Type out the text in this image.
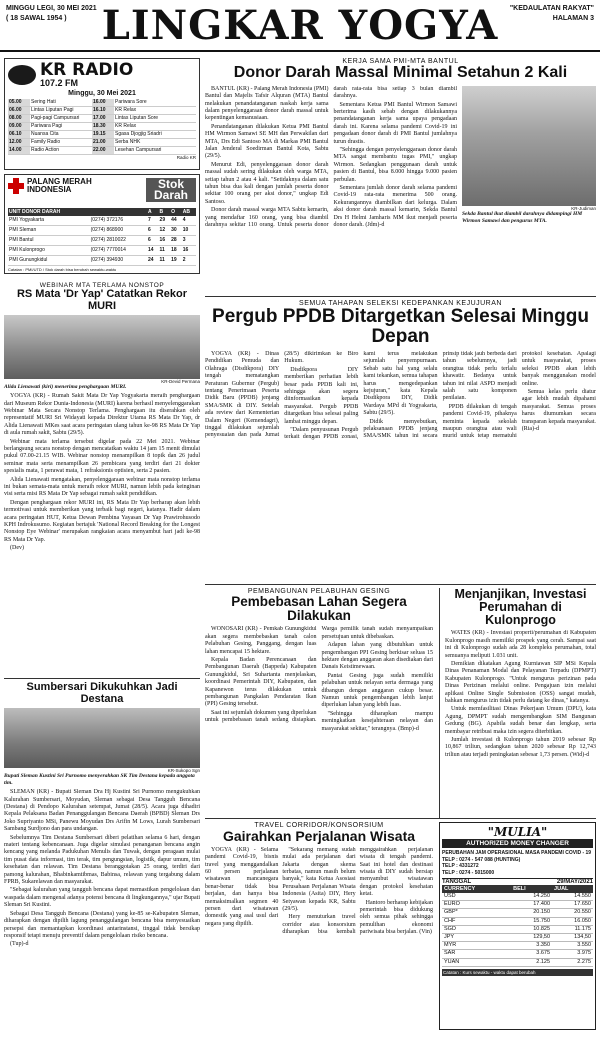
MINGGU LEGI, 30 MEI 2021
( 18 SAWAL 1954 ) LINGKAR YOGYA	"KEDAULATAN RAKYAT"
HALAMAN 3
KR RADIO
107.2 FM
Minggu, 30 Mei 2021
05.00	Sering Hati	16.00	Pariwara Sore
06.00	Lintas Liputan Pagi	16.10	KR Relax
08.00	Pagi-pagi Campursari	17.00	Lintas Liputan Sore
09.00	Pariwara Pagi	18.30	KR Relax
06.10	Nuansa Cita	19.15	Sgasa Djogjig Sriadri
12.00	Family Radio	21.00	Serba NHK
14.00	Radio Action	22.00	Lesehan Campursari
Radio KR
PALANG MERAH INDONESIA	Stok Darah
UNIT DONOR DARAH		A	B	O	AB
PMI Yogyakarta	(0274) 372176	7	29	44	4
PMI Sleman	(0274) 868900	6	12	30	10
PMI Bantul	(0274) 2810022	6	16	28	3
PMI Kulonprogo	(0274) 7770014	14	11	18	16
PMI Gunungkidul	(0274) 394930	24	11	19	2
Catatan : PMI/UTD / Stok darah bisa berubah sewaktu-waktu
WEBINAR MTA TERLAMA NONSTOP
RS Mata 'Dr Yap' Catatkan Rekor MURI
KR-Devid Permana
Alida Lienawati (kiri) menerima penghargaan MURI.

YOGYA (KR) - Rumah Sakit Mata Dr Yap Yogyakarta meraih penghargaan dari Museum Rekor Dunia-Indonesia (MURI) karena berhasil menyelenggarakan Webinar Mata Secara Nonstop Terlama. Penghargaan itu diserahkan oleh representatif MURI Sri Widayati kepada Direktur Utama RS Mata Dr Yap, dr Alida Lienawati MKes saat acara peringatan ulang tahun ke-98 RS Mata Dr Yap di aula rumah sakit, Sabtu (29/5).

Webinar mata terlama tersebut digelar pada 22 Mei 2021. Webinar berlangsung secara nonstop dengan mencatatkan waktu 14 jam 15 menit dimulai pukul 07.00-21.15 WIB. Webinar nonstop menampilkan 8 topik dan 26 judul seminar mata serta menampilkan 26 pembicara yang terdiri dari 21 dokter spesialis mata, 1 perawat mata, 1 refraksionis optisien, serta 2 pasien.

Alida Lienawati mengatakan, penyelenggaraan webinar mata nonstop terlama ini bukan semata-mata untuk meraih rekor MURI, namun lebih pada keinginan visi serta misi RS Mata Dr Yap sebagai rumah sakit pendidikan.

Dengan penghargaan rekor MURI ini, RS Mata Dr Yap berharap akan lebih termotivasi untuk memberikan yang terbaik bagi negeri, katanya. Hadir dalam acara peringatan HUT, Ketua Dewan Pembina Yayasan Dr Yap Prawirohusodo KPH Indrokusumo. Kegiatan bertajuk 'National Record Breaking for the Longest Nonstop Eye Webinar' merupakan rangkaian acara menyambut hari jadi ke-98 RS Mata Dr Yap.

(Dev)

Sumbersari Dikukuhkan Jadi Destana
KR-Sukopo Sgn
Bupati Sleman Kustini Sri Purnomo menyerahkan SK Tim Destana kepada anggota tim.

SLEMAN (KR) - Bupati Sleman Dra Hj Kustini Sri Purnomo mengukuhkan Kalurahan Sumbersari, Moyudan, Sleman sebagai Desa Tangguh Bencana (Destana) di Pendopo Kalurahan setempat, Jumat (28/5). Acara juga dihadiri Kepala Pelaksana Badan Penanggulangan Bencana Daerah (BPBD) Sleman Drs Joko Supriyanto MSi, Panewu Moyudan Drs Arifin M Lows, Lurah Sumbersari Sambang Surdjono dan para undangan.

Sebelumnya Tim Destana Sumbersari diberi pelatihan selama 6 hari, dengan materi tentang kebencanaan. Juga digelar simulasi penanganan bencana angin kencang yang melanda Padukuhan Menulis dan Tuwak, dengan peragaan mulai tim pusat data informasi, tim terak, tim pengungsian, logistik, dapur umum, tim kesehatan dan relawan. Tim Destana beranggotakan 25 orang, terdiri dari pamong kalurahan, Bhabinkamtibmas, Babinsa, relawan yang tergabung dalam FPRB, Sukarelawan dan masyarakat.

"Sebagai kalurahan yang tangguh bencana dapat memastikan pengelolaan dan waspada dalam mengenal adanya potensi bencana di lingkungannya," ujar Bupati Sleman Sri Kustini.

Sebagai Desa Tangguh Bencana (Destana) yang ke-85 se-Kabupaten Sleman, diharapkan dengan dipilih lagung penanggulangan bencana bisa menyesuaikan persepsi dan memantapkan koordinasi antarinstansi, tinggal tidak bersikap responsif tetapi menuju preventif dalam pengelolaan risiko bencana.

(Tup)-d

KERJA SAMA PMI-MTA BANTUL
Donor Darah Massal Minimal Setahun 2 Kali

BANTUL (KR) - Palang Merah Indonesia (PMI) Bantul dan Majelis Tafsir Alquran (MTA) Bantul melakukan penandatanganan naskah kerja sama dalam penyelenggaraan donor darah massal untuk kepentingan kemanusiaan.

Penandatanganan dilakukan Ketua PMI Bantul HM Wirmon Samawi SE MH dan Perwakilan dari MTA, Drs Edi Santoso MA di Markas PMI Bantul Jalan Jenderal Soedirman Bantul Kota, Sabtu (29/5).

Menurut Edi, penyelenggaraan donor darah massal sudah sering dilakukan oleh warga MTA, setiap tahun 2 atau 4 kali. "Setidaknya dalam satu tahun bisa dua kali dengan jumlah peserta donor sekitar 100 orang per aksi donor," ungkap Edi Santoso.

Donor darah massal warga MTA Sabtu kemarin, yang mendaftar 160 orang, yang bisa diambil darahnya sekitar 110 orang. Untuk peserta donor darah rata-rata bisa setiap 3 bulan diambil darahnya.

Sementara Ketua PMI Bantul Wirmon Samawi berterima kasih sebab dengan dilakukannya penandatanganan kerja sama upaya pengadaan darah ini. Karena selama pandemi Covid-19 ini pengadaan donor darah di PMI Bantul jumlahnya turun drastis.

"Sehingga dengan penyelenggaraan donor darah MTA sangat membantu tugas PMI," ungkap Wirmon. Sedangkan penggunaan darah untuk pasien di Bantul, bisa 8.000 hingga 9.000 pasien perbulan.

Sementara jumlah donor darah selama pandemi Covid-19 rata-rata menerima 500 orang. Kekurangannya diambilkan dari kelurga. Dalam aksi donor darah massal kemarin, Sekda Bantul Drs H Helmi Jamharis MM ikut menjadi peserta donor darah. (Jdm)-d

KR-Judiman
Sekda Bantul ikut diambil darahnya didampingi HM Wirmon Samawi dan pengurus MTA.
SEMUA TAHAPAN SELEKSI KEDEPANKAN KEJUJURAN
Pergub PPDB Ditargetkan Selesai Minggu Depan

YOGYA (KR) - Dinas Pendidikan Pemuda dan Olahraga (Disdikpora) DIY tengah mematangkan Peraturan Gubernur (Pergub) tentang Penerimaan Peserta Didik Baru (PPDB) jenjang SMA/SMK di DIY. Setelah ada review dari Kementerian Dalam Negeri (Kemendagri), tinggal dilakukan sejumlah penyesuaian dan pada Jumat (28/5) dikirimkan ke Biro Hukum.

Disdikpora DIY memberikan perhatian lebih besar pada PPDB kali ini, sehingga akan segera diinformasikan kepada masyarakat. Pergub PPDB ditargetkan bisa selesai paling lambat minggu depan.

"Dalam penyusunan Pergub terkait dengan PPDB zonasi, kami terus melakukan sejumlah penyempurnaan. Sebab satu hal yang selalu kami tekankan, semua tahapan harus mengedepankan kejujuran," kata Kepala Disdikpora DIY, Didik Wardaya MPd di Yogyakarta, Sabtu (29/5).

Didik menyebutkan, pelaksanaan PPDB jenjang SMA/SMK tahun ini secara prinsip tidak jauh berbeda dari tahun sebelumnya, jadi orangtua tidak perlu terlalu khawatir. Bedanya untuk tahun ini nilai ASPD menjadi salah satu komponen penilaian.

PPDB dilakukan di tengah pandemi Covid-19, pihaknya meminta kepada sekolah maupun orangtua atau wali murid untuk tetap mematuhi protokol kesehatan. Apalagi untuk masyarakat, proses seleksi PPDB akan lebih banyak menggunakan model online.

Semua kelas perlu diatur agar lebih mudah dipahami masyarakat. Semua proses harus diumumkan secara transparan kepada masyarakat. (Ria)-d

PEMBANGUNAN PELABUHAN GESING
Pembebasan Lahan Segera Dilakukan

WONOSARI (KR) - Pemkab Gunungkidul akan segera membebaskan tanah calon Pelabuhan Gesing, Panggang, dengan luas lahan mencapai 15 hektare.

Kepala Badan Perencanaan dan Pembangunan Daerah (Bappeda) Kabupaten Gunungkidul, Sri Suhartanta menjelaskan, koordinasi Pemerintah DIY, Kabupaten, dan Kapanewon terus dilakukan untuk pembangunan Pangkalan Pendaratan Ikan (PPI) Gesing tersebut.

Saat ini sejumlah dokumen yang diperlukan untuk pembebasan tanah sedang disiapkan. Warga pemilik tanah sudah menyampaikan persetujuan untuk dibebaskan.

Adapun lahan yang dibutuhkan untuk pengembangan PPI Gesing berkisar seluas 15 hektare dengan anggaran akan disediakan dari Danais Keistimewaan.

Pantai Gesing juga sudah memiliki pelabuhan untuk nelayan serta dermaga yang dibangun dengan anggaran cukup besar. Namun untuk pengembangan lebih lanjut diperlukan lahan yang lebih luas.

"Sehingga diharapkan mampu meningkatkan kesejahteraan nelayan dan masyarakat sekitar," terangnya. (Bmp)-d

Menjanjikan, Investasi Perumahan di Kulonprogo

WATES (KR) - Investasi properti/perumahan di Kabupaten Kulonprogo masih memiliki prospek yang cerah. Sampai saat ini di Kulonprogo sudah ada 28 kompleks perumahan, total semuanya meliputi 1.031 unit.

Demikian dikatakan Agung Kurniawan SIP MSi Kepala Dinas Penanaman Modal dan Pelayanan Terpadu (DPMPT) Kabupaten Kulonprogo. "Untuk mengurus perizinan pada Dinas Perizinan melalui online. Pengajuan izin melalui aplikasi Online Single Submission (OSS) sangat mudah, bahkan mengurus izin tidak perlu datang ke dinas," katanya.

Untuk memfasilitasi Dinas Pekerjaan Umum (DPU), kata Agung, DPMPT sudah mengembangkan SIM Bangunan Gedung (BG). Apabila sudah benar dan lengkap, serta membayar retribusi maka izin segera diterbitkan.

Jumlah investasi di Kulonprogo tahun 2019 sebesar Rp 10,867 triliun, sedangkan tahun 2020 sebesar Rp 12,743 triliun atau terjadi peningkatan sebesar 1,73 persen. (Wid)-d

TRAVEL CORRIDOR/KONSORSIUM
Gairahkan Perjalanan Wisata

YOGYA (KR) - Selama pandemi Covid-19, bisnis travel yang menggandalkan 60 persen perjalanan wisatawan mancanegara benar-benar tidak bisa berjalan, dan hanya bisa memaksimalkan segmen 40 persen dari wisatawan domestik yang asal usul dari negara yang dipilih.

"Sekarang memang sudah mulai ada perjalanan dari Jakarta dengan skema terbatas, namun masih belum banyak," kata Ketua Asosiasi Perusahaan Perjalanan Wisata Indonesia (Asita) DIY, Hery Setyawan kepada KR, Sabtu (29/5).

Hery menuturkan travel corridor atau konsorsium diharapkan bisa kembali menggairahkan perjalanan wisata di tengah pandemi. Saat ini hotel dan destinasi wisata di DIY sudah bersiap menyambut wisatawan dengan protokol kesehatan ketat.

Hantoro berharap kebijakan pemerintah bisa didukung oleh semua pihak sehingga pemulihan ekonomi pariwisata bisa berjalan. (Vin)

"MULIA"
AUTHORIZED MONEY CHANGER
PERUBAHAN JAM OPERASIONAL MASA PANDEMI COVID - 19
TELP : 0274 - 547 088 (HUNTING)
TELP : 4331272
TELP : 0274 - 5015000
TANGGAL	29/MAY/2021
CURRENCY	BELI	JUAL
USD	14.250	14.550
EURO	17.400	17.650
GBP*	20.150	20.550
CHF	15.750	16.050
SGD	10.825	11.175
JPY	129,50	134,50
MYR	3.350	3.550
SAR	3.675	3.975
YUAN	2.125	2.275
Catatan : Kurs sewaktu - waktu dapat berubah
